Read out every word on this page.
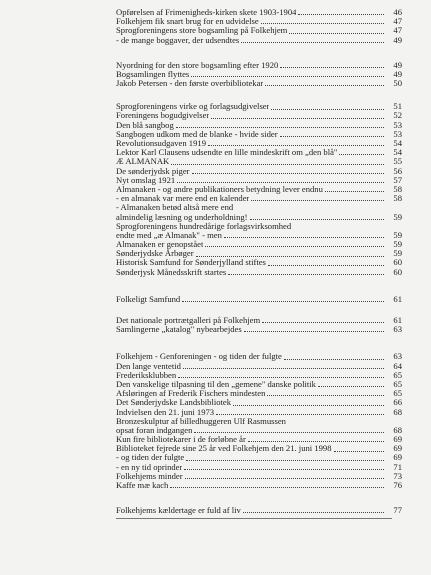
Opførelsen af Frimenigheds-kirken skete 1903-1904	46
Folkehjem fik snart brug for en udvidelse	47
Sprogforeningens store bogsamling på Folkehjem	47
- de mange boggaver, der udsendtes	49
Nyordning for den store bogsamling efter 1920	49
Bogsamlingen flyttes	49
Jakob Petersen - den første overbibliotekar	50
Sprogforeningens virke og forlagsudgivelser	51
Foreningens bogudgivelser	52
Den blå sangbog	53
Sangbogen udkom med de blanke - hvide sider	53
Revolutionsudgaven 1919	54
Lektor Karl Clausens udsendte en lille mindeskrift om „den blå"	54
Æ ALMANAK	55
De sønderjydsk piger	56
Nyt omslag 1921	57
Almanaken - og andre publikationers betydning lever endnu	58
- en almanak var mere end en kalender	58
- Almanaken betød altså mere end
almindelig læsning og underholdning!	59
Sprogforeningens hundredårige forlagsvirksomhed
endte med „æ Almanak" - men	59
Almanaken er genopstået	59
Sønderjydske Årbøger	59
Historisk Samfund for Sønderjylland stiftes	60
Sønderjysk Månedsskrift startes	60
Folkeligt Samfund	61
Det nationale portrætgalleri på Folkehjem	61
Samlingerne „katalog" nybearbejdes	63
Folkehjem - Genforeningen - og tiden der fulgte	63
Den lange ventetid	64
Frederiksklubben	65
Den vanskelige tilpasning til den „gemene" danske politik	65
Afsløringen af Frederik Fischers mindesten	65
Det Sønderjydske Landsbibliotek	66
Indvielsen den 21. juni 1973	68
Bronzeskulptur af billedhuggeren Ulf Rasmussen
opsat foran indgangen	68
Kun fire bibliotekarer i de forløbne år	69
Biblioteket fejrede sine 25 år ved Folkehjem den 21. juni 1998	69
- og tiden der fulgte	69
- en ny tid oprinder	71
Folkehjems minder	73
Kaffe mæ kach	76
Folkehjems kældertage er fuld af liv	77
